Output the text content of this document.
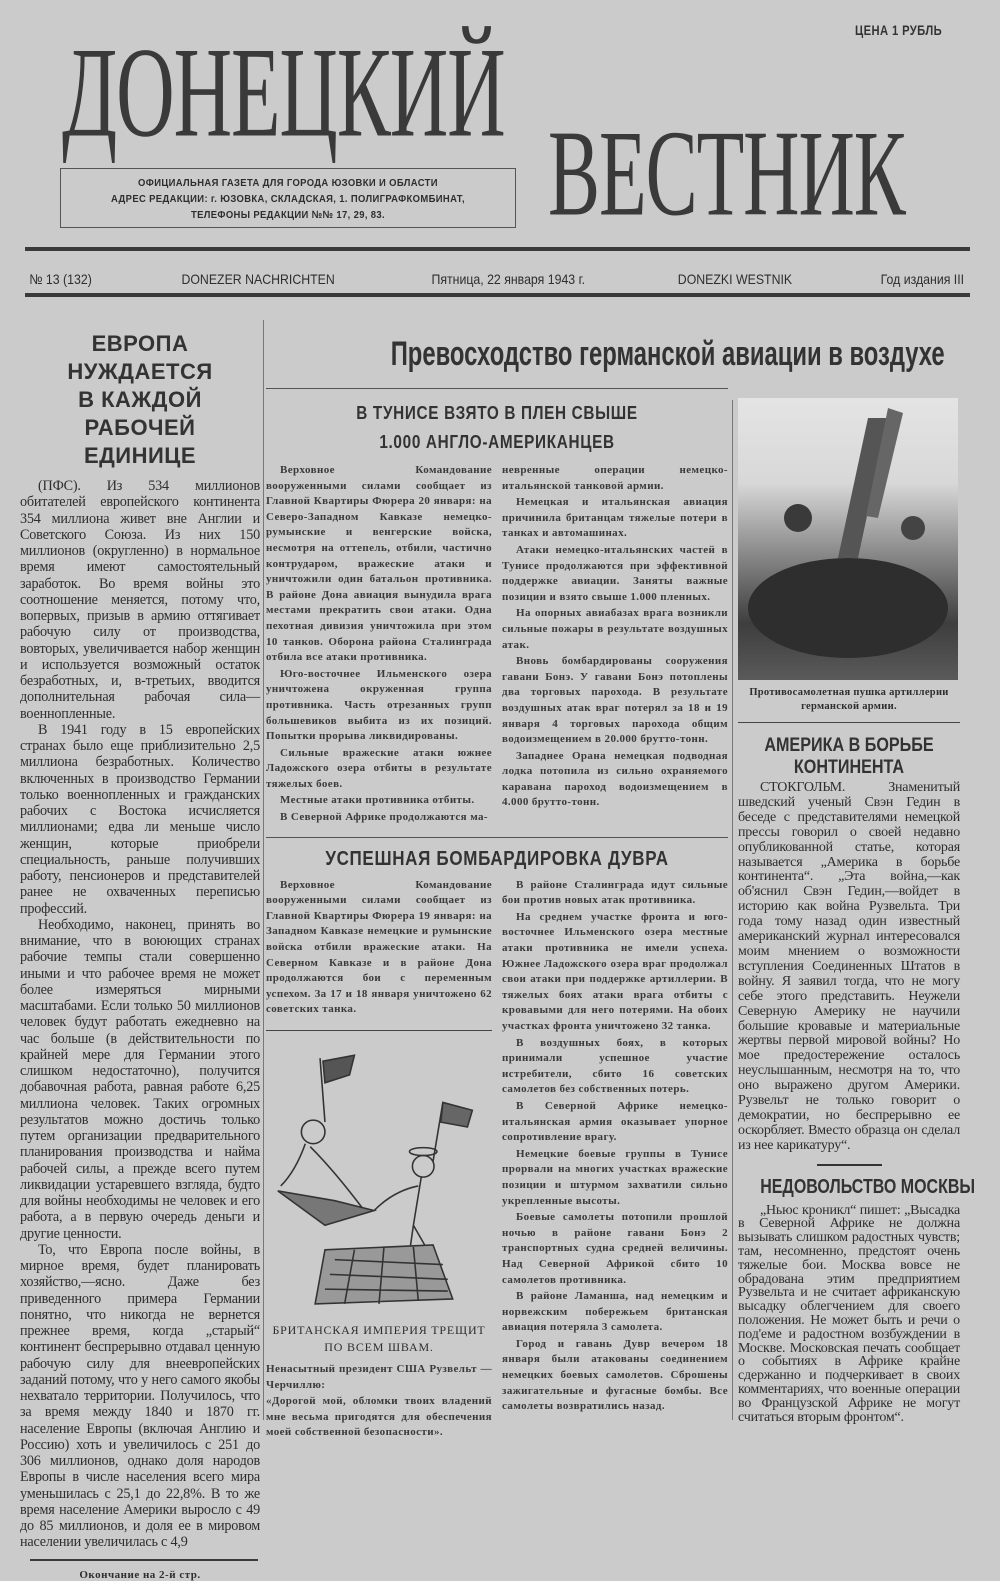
ЦЕНА 1 РУБЛЬ
ДОНЕЦКИЙ
ВЕСТНИК
ОФИЦИАЛЬНАЯ ГАЗЕТА ДЛЯ ГОРОДА ЮЗОВКИ И ОБЛАСТИ
АДРЕС РЕДАКЦИИ: г. ЮЗОВКА, СКЛАДСКАЯ, 1. ПОЛИГРАФКОМБИНАТ,
ТЕЛЕФОНЫ РЕДАКЦИИ №№ 17, 29, 83.
№ 13 (132)	DONEZER NACHRICHTEN	Пятница, 22 января 1943 г.	DONEZKI WESTNIK	Год издания III
ЕВРОПА НУЖДАЕТСЯ
В КАЖДОЙ РАБОЧЕЙ
ЕДИНИЦЕ

(ПФС). Из 534 миллионов обитателей европейского континента 354 миллиона живет вне Англии и Советского Союза. Из них 150 миллионов (округленно) в нормальное время имеют самостоятельный заработок. Во время войны это соотношение меняется, потому что, вопервых, призыв в армию оттягивает рабочую силу от производства, вовторых, увеличивается набор женщин и используется возможный остаток безработных, и, в-третьих, вводится дополнительная рабочая сила—военнопленные.

В 1941 году в 15 европейских странах было еще приблизительно 2,5 миллиона безработных. Количество включенных в производство Германии только военнопленных и гражданских рабочих с Востока исчисляется миллионами; едва ли меньше число женщин, которые приобрели специальность, раньше получивших работу, пенсионеров и представителей ранее не охваченных переписью профессий.

Необходимо, наконец, принять во внимание, что в воюющих странах рабочие темпы стали совершенно иными и что рабочее время не может более измеряться мирными масштабами. Если только 50 миллионов человек будут работать ежедневно на час больше (в действительности по крайней мере для Германии этого слишком недостаточно), получится добавочная работа, равная работе 6,25 миллиона человек. Таких огромных результатов можно достичь только путем организации предварительного планирования производства и найма рабочей силы, а прежде всего путем ликвидации устаревшего взгляда, будто для войны необходимы не человек и его работа, а в первую очередь деньги и другие ценности.

То, что Европа после войны, в мирное время, будет планировать хозяйство,—ясно. Даже без приведенного примера Германии понятно, что никогда не вернется прежнее время, когда „старый“ континент беспрерывно отдавал ценную рабочую силу для внеевропейских заданий потому, что у него самого якобы нехватало территории. Получилось, что за время между 1840 и 1870 гг. население Европы (включая Англию и Россию) хоть и увеличилось с 251 до 306 миллионов, однако доля народов Европы в числе населения всего мира уменьшилась с 25,1 до 22,8%. В то же время население Америки выросло с 49 до 85 миллионов, и доля ее в мировом населении увеличилась с 4,9

Окончание на 2-й стр.
Превосходство германской авиации в воздухе
В ТУНИСЕ ВЗЯТО В ПЛЕН СВЫШЕ
1.000 АНГЛО-АМЕРИКАНЦЕВ

Верховное Командование вооруженными силами сообщает из Главной Квартиры Фюрера 20 января: на Северо-Западном Кавказе немецко-румынские и венгерские войска, несмотря на оттепель, отбили, частично контрударом, вражеские атаки и уничтожили один батальон противника. В районе Дона авиация вынудила врага местами прекратить свои атаки. Одна пехотная дивизия уничтожила при этом 10 танков. Оборона района Сталинграда отбила все атаки противника.

Юго-восточнее Ильменского озера уничтожена окруженная группа противника. Часть отрезанных групп большевиков выбита из их позиций. Попытки прорыва ликвидированы.

Сильные вражеские атаки южнее Ладожского озера отбиты в результате тяжелых боев.

Местные атаки противника отбиты.

В Северной Африке продолжаются ма-

невренные операции немецко-итальянской танковой армии.

Немецкая и итальянская авиация причинила британцам тяжелые потери в танках и автомашинах.

Атаки немецко-итальянских частей в Тунисе продолжаются при эффективной поддержке авиации. Заняты важные позиции и взято свыше 1.000 пленных.

На опорных авиабазах врага возникли сильные пожары в результате воздушных атак.

Вновь бомбардированы сооружения гавани Бонэ. У гавани Бонэ потоплены два торговых парохода. В результате воздушных атак враг потерял за 18 и 19 января 4 торговых парохода общим водоизмещением в 20.000 брутто-тонн.

Западнее Орана немецкая подводная лодка потопила из сильно охраняемого каравана пароход водоизмещением в 4.000 брутто-тонн.

УСПЕШНАЯ БОМБАРДИРОВКА ДУВРА

Верховное Командование вооруженными силами сообщает из Главной Квартиры Фюрера 19 января: на Западном Кавказе немецкие и румынские войска отбили вражеские атаки. На Северном Кавказе и в районе Дона продолжаются бои с переменным успехом. За 17 и 18 января уничтожено 62 советских танка.

БРИТАНСКАЯ ИМПЕРИЯ ТРЕЩИТ
ПО ВСЕМ ШВАМ.

Ненасытный президент США Рузвельт — Черчиллю:

«Дорогой мой, обломки твоих владений мне весьма пригодятся для обеспечения моей собственной безопасности».

В районе Сталинграда идут сильные бои против новых атак противника.

На среднем участке фронта и юго-восточнее Ильменского озера местные атаки противника не имели успеха. Южнее Ладожского озера враг продолжал свои атаки при поддержке артиллерии. В тяжелых боях атаки врага отбиты с кровавыми для него потерями. На обоих участках фронта уничтожено 32 танка.

В воздушных боях, в которых принимали успешное участие истребители, сбито 16 советских самолетов без собственных потерь.

В Северной Африке немецко-итальянская армия оказывает упорное сопротивление врагу.

Немецкие боевые группы в Тунисе прорвали на многих участках вражеские позиции и штурмом захватили сильно укрепленные высоты.

Боевые самолеты потопили прошлой ночью в районе гавани Бонэ 2 транспортных судна средней величины. Над Северной Африкой сбито 10 самолетов противника.

В районе Ламанша, над немецким и норвежским побережьем британская авиация потеряла 3 самолета.

Город и гавань Дувр вечером 18 января были атакованы соединением немецких боевых самолетов. Сброшены зажигательные и фугасные бомбы. Все самолеты возвратились назад.

Противосамолетная пушка артиллерии германской армии.
АМЕРИКА В БОРЬБЕ
КОНТИНЕНТА

СТОКГОЛЬМ. Знаменитый шведский ученый Свэн Гедин в беседе с представителями немецкой прессы говорил о своей недавно опубликованной статье, которая называется „Америка в борьбе континента“. „Эта война,—как об'яснил Свэн Гедин,—войдет в историю как война Рузвельта. Три года тому назад один известный американский журнал интересовался моим мнением о возможности вступления Соединенных Штатов в войну. Я заявил тогда, что не могу себе этого представить. Неужели Северную Америку не научили большие кровавые и материальные жертвы первой мировой войны? Но мое предостережение осталось неуслышанным, несмотря на то, что оно выражено другом Америки. Рузвельт не только говорит о демократии, но беспрерывно ее оскорбляет. Вместо образца он сделал из нее карикатуру“.

НЕДОВОЛЬСТВО МОСКВЫ

„Ньюс кроникл“ пишет: „Высадка в Северной Африке не должна вызывать слишком радостных чувств; там, несомненно, предстоят очень тяжелые бои. Москва вовсе не обрадована этим предприятием Рузвельта и не считает африканскую высадку облегчением для своего положения. Не может быть и речи о под'еме и радостном возбуждении в Москве. Московская печать сообщает о событиях в Африке крайне сдержанно и подчеркивает в своих комментариях, что военные операции во Французской Африке не могут считаться вторым фронтом“.
